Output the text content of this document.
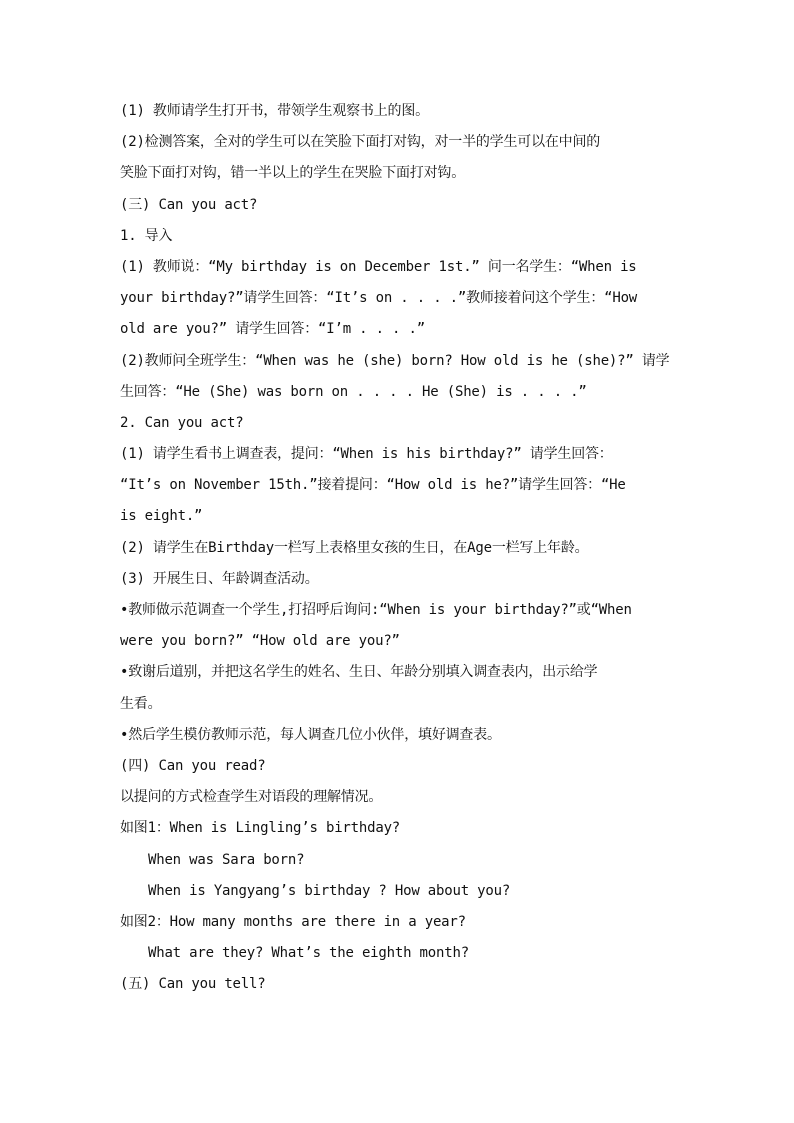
(1) 教师请学生打开书，带领学生观察书上的图。
(2)检测答案，全对的学生可以在笑脸下面打对钩，对一半的学生可以在中间的
笑脸下面打对钩，错一半以上的学生在哭脸下面打对钩。
(三) Can you act?
1. 导入
(1) 教师说：“My birthday is on December 1st.” 问一名学生：“When is
your birthday?”请学生回答：“It’s on . . . .”教师接着问这个学生：“How
old are you?” 请学生回答：“I’m . . . .”
(2)教师问全班学生：“When was he (she) born? How old is he (she)?” 请学
生回答：“He (She) was born on . . . . He (She) is . . . .”
2. Can you act?
(1) 请学生看书上调查表，提问：“When is his birthday?” 请学生回答：
“It’s on November 15th.”接着提问：“How old is he?”请学生回答：“He
is eight.”
(2) 请学生在Birthday一栏写上表格里女孩的生日，在Age一栏写上年龄。
(3) 开展生日、年龄调查活动。
•教师做示范调查一个学生,打招呼后询问:“When is your birthday?”或“When
were you born?” “How old are you?”
•致谢后道别，并把这名学生的姓名、生日、年龄分别填入调查表内，出示给学
生看。
•然后学生模仿教师示范，每人调查几位小伙伴，填好调查表。
(四) Can you read?
以提问的方式检查学生对语段的理解情况。
如图1：When is Lingling’s birthday?
When was Sara born?
When is Yangyang’s birthday ? How about you?
如图2：How many months are there in a year?
What are they? What’s the eighth month?
(五) Can you tell?
